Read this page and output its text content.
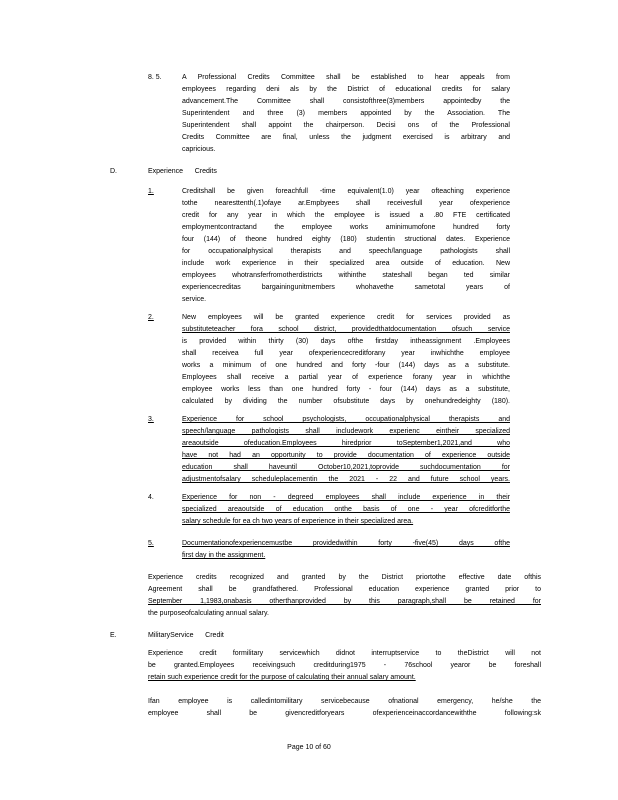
8. 5.	A Professional Credits Committee shall be established to hear appeals from
employees regarding deni als by the District of educational credits for salary
advancement.The Committee shall consistofthree(3)members appointedby the
Superintendent and three (3) members appointed by the Association. The
Superintendent shall appoint the chairperson. Decisi ons of the Professional
Credits Committee are final, unless the judgment exercised is arbitrary and
capricious.
D.	Experience      Credits
1.	Creditshall be given foreachfull -time equivalent(1.0) year ofteaching experience
tothe nearesttenth(.1)ofaye ar.Empbyees shall receivesfull year ofexperience
credit for any year in which the employee is issued a .80 FTE certificated
employmentcontractand the employee works aminimumofone hundred forty
four (144) of theone hundred eighty (180) studentin structional dates. Experience
for occupationalphysical therapists and speech/language pathologists shall
include work experience in their specialized area outside of education. New
employees whotransferfromotherdistricts withinthe stateshall began ted similar
experiencecreditas bargainingunitmembers whohavethe sametotal years of
service.
2.	New employees will be granted experience credit for services provided as
substituteteacher fora school district, providedthatdocumentation ofsuch service
is provided within thirty (30) days ofthe firstday intheassignment .Employees
shall receivea full year ofexperiencecreditforany year inwhichthe employee
works a minimum of one hundred and forty -four (144) days as a substitute.
Employees shall receive a partial year of experience forany year in whichthe
employee works less than one hundred forty - four (144) days as a substitute,
calculated by dividing the number ofsubstitute days by onehundredeighty (180).
3.	Experience for school psychologists, occupationalphysical therapists and
speech/language pathologists shall includework experienc eintheir specialized
areaoutside ofeducation.Employees hiredprior toSeptember1,2021,and who
have not had an opportunity to provide documentation of experience outside
education shall haveuntil October10,2021,toprovide suchdocumentation for
adjustmentofsalary scheduleplacementin the 2021 - 22 and future school years.
4.	Experience for non - degreed employees shall include experience in their
specialized areaoutside of education onthe basis of one - year ofcreditforthe
salary schedule for ea ch two years of experience in their specialized area.
5.	Documentationofexperiencemustbe providedwithin forty -five(45) days ofthe
first day in the assignment.
Experience credits recognized and granted by the District priortothe effective date ofthis
Agreement shall be grandfathered. Professional education experience granted prior to
September 1,1983,onabasis otherthanprovided by this paragraph,shall be retained for
the purposeofcalculating annual salary.
E.	MilitaryService      Credit
Experience credit formilitary servicewhich didnot interruptservice to theDistrict will not
be granted.Employees receivingsuch creditduring1975 - 76school yearor be foreshall
retain such experience credit for the purpose of calculating their annual salary amount.
Ifan employee is calledintomilitary servicebecause ofnational emergency, he/she the
employee shall be givencreditforyears ofexperienceinaccordancewiththe following:sk
Page 10 of 60
